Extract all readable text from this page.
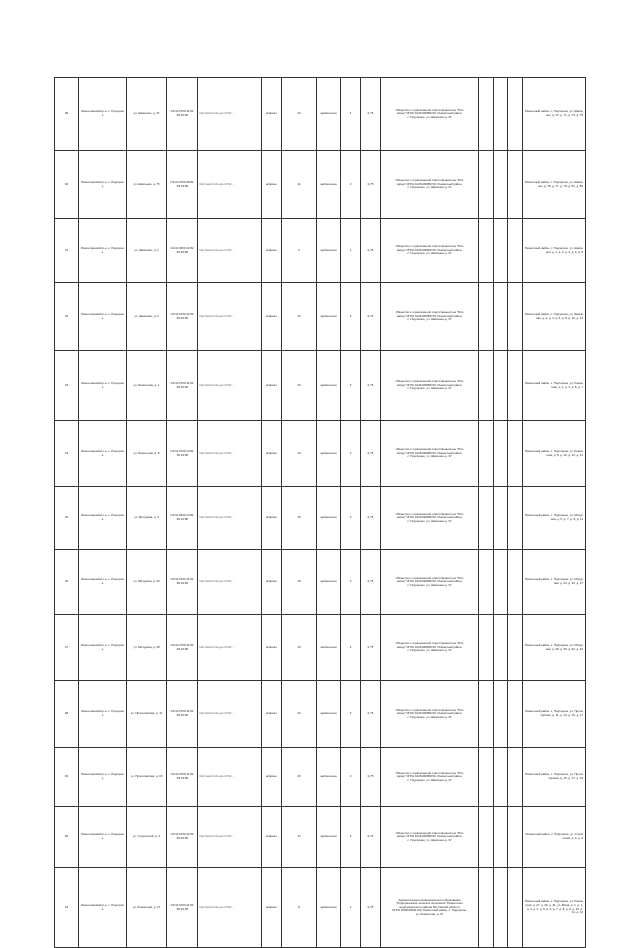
39	Ремонтнинский р-н, с. Подгорное	ул. Шевченко, д. 37	СЗ:31:0700:11:82
:30:23:08	http://search.rcbe.gov.ru/?id=…	асфальт	24	щебеночное	4	0,75	Общество с ограниченной ответственностью "Юго
запад" ОГРН 1026100959720, Ремонтный район,
с. Подгорное, ул. Шевченко д. 37				Ремонтный район, с. Подгорное, ул. Шевченко, д. 37, д. 71, д. 73, д. 75
40	Ремонтнинский р-н, с. Подгорное	ул. Шевченко, д. 75	СЗ:31:0700:28:82
:30:23:08	http://search.rcbe.gov.ru/?id=…	асфальт	11	щебеночное	2	0,75	Общество с ограниченной ответственностью "Юго
запад" ОГРН 1026100959720, Ремонтный район,
с. Подгорное, ул. Шевченко д. 37				Ремонтный район, с. Подгорное, ул. Шевченко, д. 75, д. 77, д. 79, д. 81, д. 83
41	Ремонтнинский р-н, с. Подгорное	ул. Шевченко, д. 1	СЗ:31:0600:13:82
:30:22:98	http://search.rcbe.gov.ru/?id=…	асфальт	4	щебеночное	1	0,75	Общество с ограниченной ответственностью "Юго
запад" ОГРН 1026100959720, Ремонтный район,
с. Подгорное, ул. Шевченко д. 37				Ремонтный район, с. Подгорное, ул. Шевченко, д. 1, д. 2, д. 3, д. 4, д. 5
42	Ремонтнинский р-н, с. Подгорное	ул. Шевченко, д. 2	СЗ:31:0700:11:82
:30:23:08	http://search.rcbe.gov.ru/?id=…	асфальт	16	щебеночное	2	0,75	Общество с ограниченной ответственностью "Юго
запад" ОГРН 1026100959720, Ремонтный район,
с. Подгорное, ул. Шевченко д. 37				Ремонтный район, с. Подгорное, ул. Шевченко, д. 2, д. 4, д. 6, д. 8, д. 10, д. 12
43	Ремонтнинский р-н, с. Подгорное	ул. Ремонтная, д. 1	СЗ:31:0700:11:82
:30:23:08	http://search.rcbe.gov.ru/?id=…	асфальт	20	щебеночное	3	0,75	Общество с ограниченной ответственностью "Юго
запад" ОГРН 1026100959720, Ремонтный район,
с. Подгорное, ул. Шевченко д. 37				Ремонтный район, с. Подгорное, ул. Ремонтная, д. 1, д. 3, д. 5, д. 7
44	Ремонтнинский р-н, с. Подгорное	ул. Ремонтная, д. 8	СЗ:31:0700:13:82
:30:23:08	http://search.rcbe.gov.ru/?id=…	асфальт	12	щебеночное	2	0,75	Общество с ограниченной ответственностью "Юго
запад" ОГРН 1026100959720, Ремонтный район,
с. Подгорное, ул. Шевченко д. 37				Ремонтный район, с. Подгорное, ул. Ремонтная, д. 8, д. 10, д. 12, д. 14
45	Ремонтнинский р-н, с. Подгорное	ул. Мичурина, д. 5	СЗ:31:0600:13:82
:30:22:98	http://search.rcbe.gov.ru/?id=…	асфальт	15	щебеночное	3	0,75	Общество с ограниченной ответственностью "Юго
запад" ОГРН 1026100959720, Ремонтный район,
с. Подгорное, ул. Шевченко д. 37				Ремонтный район, с. Подгорное, ул. Мичурина, д. 5, д. 7, д. 9, д. 11
46	Ремонтнинский р-н, с. Подгорное	ул. Мичурина, д. 23	СЗ:31:0700:11:82
:30:23:08	http://search.rcbe.gov.ru/?id=…	асфальт	18	щебеночное	3	0,75	Общество с ограниченной ответственностью "Юго
запад" ОГРН 1026100959720, Ремонтный район,
с. Подгорное, ул. Шевченко д. 37				Ремонтный район, с. Подгорное, ул. Мичурина, д. 23, д. 25, д. 27
47	Ремонтнинский р-н, с. Подгорное	ул. Мичурина, д. 28	СЗ:31:0700:11:82
:30:23:08	http://search.rcbe.gov.ru/?id=…	асфальт	19	щебеночное	3	0,75	Общество с ограниченной ответственностью "Юго
запад" ОГРН 1026100959720, Ремонтный район,
с. Подгорное, ул. Шевченко д. 37				Ремонтный район, с. Подгорное, ул. Мичурина, д. 28, д. 30, д. 32, д. 34
48	Ремонтнинский р-н, с. Подгорное	ул. Пролетарская, д. 11	СЗ:31:0700:11:82
:30:23:08	http://search.rcbe.gov.ru/?id=…	асфальт	22	щебеночное	3	0,75	Общество с ограниченной ответственностью "Юго
запад" ОГРН 1026100959720, Ремонтный район,
с. Подгорное, ул. Шевченко д. 37				Ремонтный район, с. Подгорное, ул. Пролетарская, д. 11, д. 13, д. 15, д. 17
49	Ремонтнинский р-н, с. Подгорное	ул. Пролетарская, д. 15	СЗ:31:0700:11:82
:30:23:08	http://search.rcbe.gov.ru/?id=…	асфальт	20	щебеночное	3	0,75	Общество с ограниченной ответственностью "Юго
запад" ОГРН 1026100959720, Ремонтный район,
с. Подгорное, ул. Шевченко д. 37				Ремонтный район, с. Подгорное, ул. Пролетарская, д. 15, д. 17, д. 19
50	Ремонтнинский р-н, с. Подгорное	ул. Строителей, д. 2	СЗ:31:0700:11:82
:30:23:08	http://search.rcbe.gov.ru/?id=…	асфальт	14	щебеночное	2	0,75	Общество с ограниченной ответственностью "Юго
запад" ОГРН 1026100959720, Ремонтный район,
с. Подгорное, ул. Шевченко д. 37				Ремонтный район, с. Подгорное, ул. Строителей, д. 2, д. 4
51	Ремонтнинский р-н, с. Подгорное	ул. Ремонтная, д. 27	СЗ:31:0700:11:82
:30:23:08	http://search.rcbe.gov.ru/?id=…	асфальт	8	щебеночное	1	0,75	Администрация муниципального образования
"Подгорненское сельское поселение" Ремонтного
муниципального района Ростовской области
ОГРН 1056135011700, Ремонтный район, с. Подгорное,
ул. Ремонтная, д. 27				Ремонтный район, с. Подгорное, ул. Ремонтная, д. 27, д. 29, д. 31, ул. Мира, д. 1, д. 2, д. 3, д. 4, д. 5, д. 6, д. 7, д. 8, д. 9, д. 10, д. 11, д. 12
